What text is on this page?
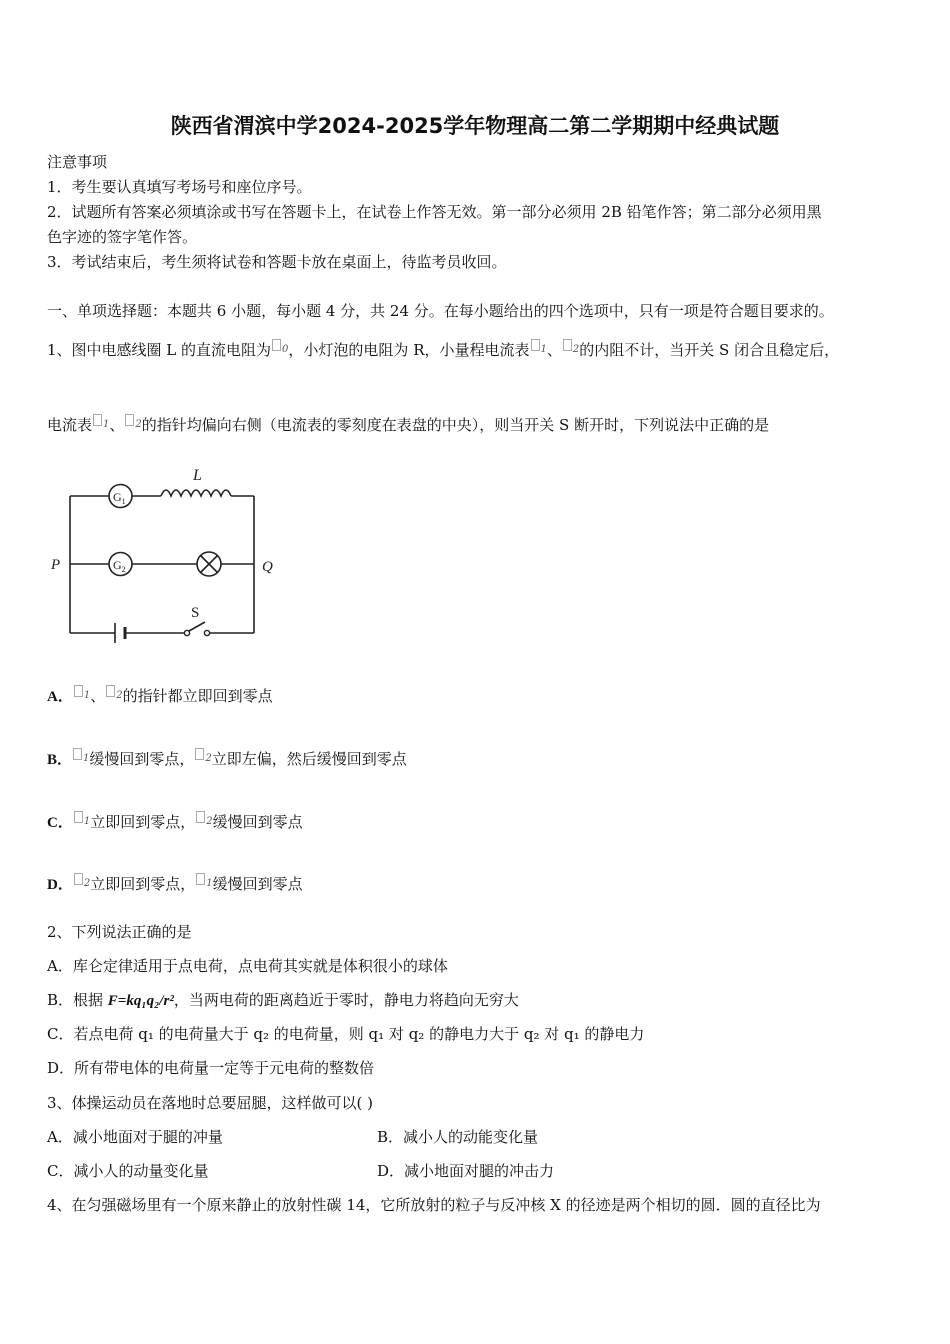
陕西省渭滨中学2024-2025学年物理高二第二学期期中经典试题
注意事项
1．考生要认真填写考场号和座位序号。
2．试题所有答案必须填涂或书写在答题卡上，在试卷上作答无效。第一部分必须用 2B 铅笔作答；第二部分必须用黑
色字迹的签字笔作答。
3．考试结束后，考生须将试卷和答题卡放在桌面上，待监考员收回。
一、单项选择题：本题共 6 小题，每小题 4 分，共 24 分。在每小题给出的四个选项中，只有一项是符合题目要求的。
1、图中电感线圈 L 的直流电阻为 $^0$，小灯泡的电阻为 R，小量程电流表 $^1$、 $^2$的内阻不计，当开关 S 闭合且稳定后，
电流表 $^1$、 $^2$的指针均偏向右侧（电流表的零刻度在表盘的中央），则当开关 S 断开时，下列说法中正确的是
L
$G_1$
$G_2$
P	Q
S
A． $^1$、 $^2$的指针都立即回到零点
B． $^1$缓慢回到零点， $^2$立即左偏，然后缓慢回到零点
C． $^1$立即回到零点， $^2$缓慢回到零点
D． $^2$立即回到零点， $^1$缓慢回到零点
2、下列说法正确的是
A．库仑定律适用于点电荷，点电荷其实就是体积很小的球体
B．根据 F=kq₁q₂/r²，当两电荷的距离趋近于零时，静电力将趋向无穷大
C．若点电荷 q₁ 的电荷量大于 q₂ 的电荷量，则 q₁ 对 q₂ 的静电力大于 q₂ 对 q₁ 的静电力
D．所有带电体的电荷量一定等于元电荷的整数倍
3、体操运动员在落地时总要屈腿，这样做可以( )
A．减小地面对于腿的冲量	B．减小人的动能变化量
C．减小人的动量变化量	D．减小地面对腿的冲击力
4、在匀强磁场里有一个原来静止的放射性碳 14，它所放射的粒子与反冲核 X 的径迹是两个相切的圆．圆的直径比为
